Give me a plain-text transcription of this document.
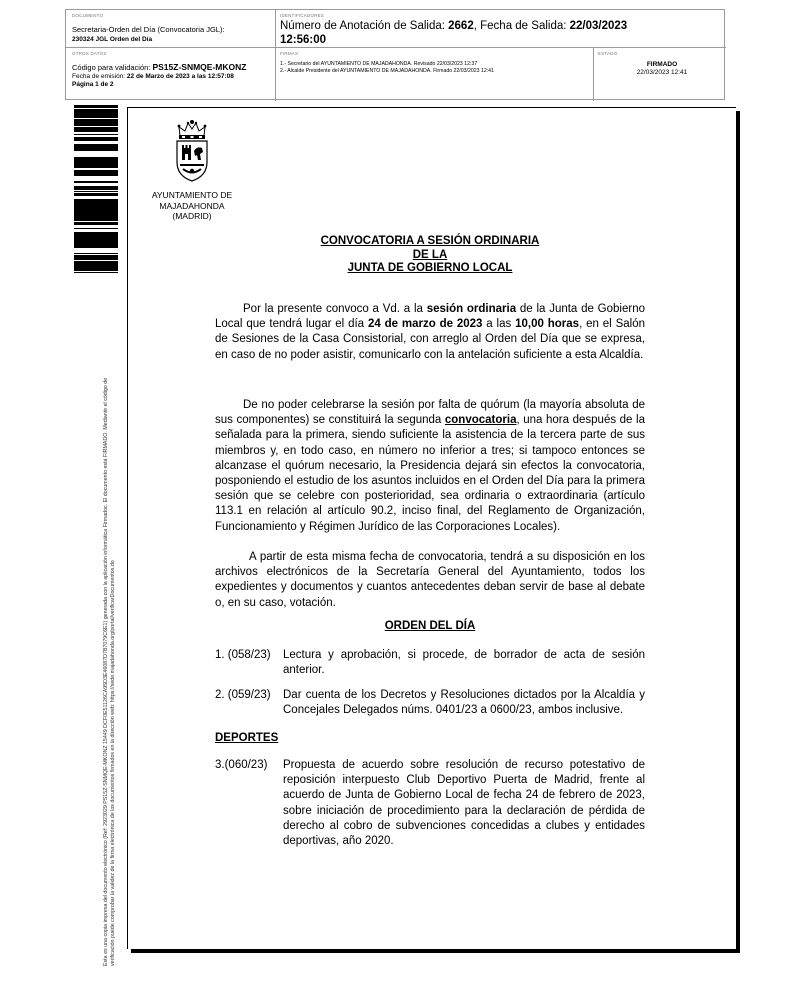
DOCUMENTO
Secretaria-Orden del Día (Convocatoria JGL):
230324 JGL Orden del Día
IDENTIFICADORES
Número de Anotación de Salida: 2662, Fecha de Salida: 22/03/2023
12:56:00
OTROS DATOS
Código para validación: PS15Z-SNMQE-MKONZ
Fecha de emisión: 22 de Marzo de 2023 a las 12:57:08
Página 1 de 2
FIRMAS
1.- Secretario del AYUNTAMIENTO DE MAJADAHONDA. Revisado 22/03/2023 12:37
2.- Alcalde Presidente del AYUNTAMIENTO DE MAJADAHONDA. Firmado 22/03/2023 12:41
ESTADO
FIRMADO
22/03/2023 12:41
Esta es una copia impresa del documento electrónico (Ref: 2923029 PS15Z-SNMQE-MKONZ 15449 DCF0E51126CA95D3E46087D7B7079C6E1) generada con la aplicación informática Firmadoc. El documento está FIRMADO. Mediante el código de verificación puede comprobar la validez de la firma electrónica de los documentos firmados en la dirección web: https://sede.majadahonda.org/portal/verificarDocumentos.do
AYUNTAMIENTO DE
MAJADAHONDA
(MADRID)
CONVOCATORIA A SESIÓN ORDINARIA
DE LA
JUNTA DE GOBIERNO LOCAL
Por la presente convoco a Vd. a la sesión ordinaria de la Junta de Gobierno Local que tendrá lugar el día 24 de marzo de 2023 a las 10,00 horas, en el Salón de Sesiones de la Casa Consistorial, con arreglo al Orden del Día que se expresa, en caso de no poder asistir, comunicarlo con la antelación suficiente a esta Alcaldía.
De no poder celebrarse la sesión por falta de quórum (la mayoría absoluta de sus componentes) se constituirá la segunda convocatoria, una hora después de la señalada para la primera, siendo suficiente la asistencia de la tercera parte de sus miembros y, en todo caso, en número no inferior a tres; si tampoco entonces se alcanzase el quórum necesario, la Presidencia dejará sin efectos la convocatoria, posponiendo el estudio de los asuntos incluidos en el Orden del Día para la primera sesión que se celebre con posterioridad, sea ordinaria o extraordinaria (artículo 113.1 en relación al artículo 90.2, inciso final, del Reglamento de Organización, Funcionamiento y Régimen Jurídico de las Corporaciones Locales).
A partir de esta misma fecha de convocatoria, tendrá a su disposición en los archivos electrónicos de la Secretaría General del Ayuntamiento, todos los expedientes y documentos y cuantos antecedentes deban servir de base al debate o, en su caso, votación.
ORDEN DEL DÍA
1. (058/23) Lectura y aprobación, si procede, de borrador de acta de sesión anterior.
2. (059/23) Dar cuenta de los Decretos y Resoluciones dictados por la Alcaldía y Concejales Delegados núms. 0401/23 a 0600/23, ambos inclusive.
DEPORTES
3.(060/23) Propuesta de acuerdo sobre resolución de recurso potestativo de reposición interpuesto Club Deportivo Puerta de Madrid, frente al acuerdo de Junta de Gobierno Local de fecha 24 de febrero de 2023, sobre iniciación de procedimiento para la declaración de pérdida de derecho al cobro de subvenciones concedidas a clubes y entidades deportivas, año 2020.
